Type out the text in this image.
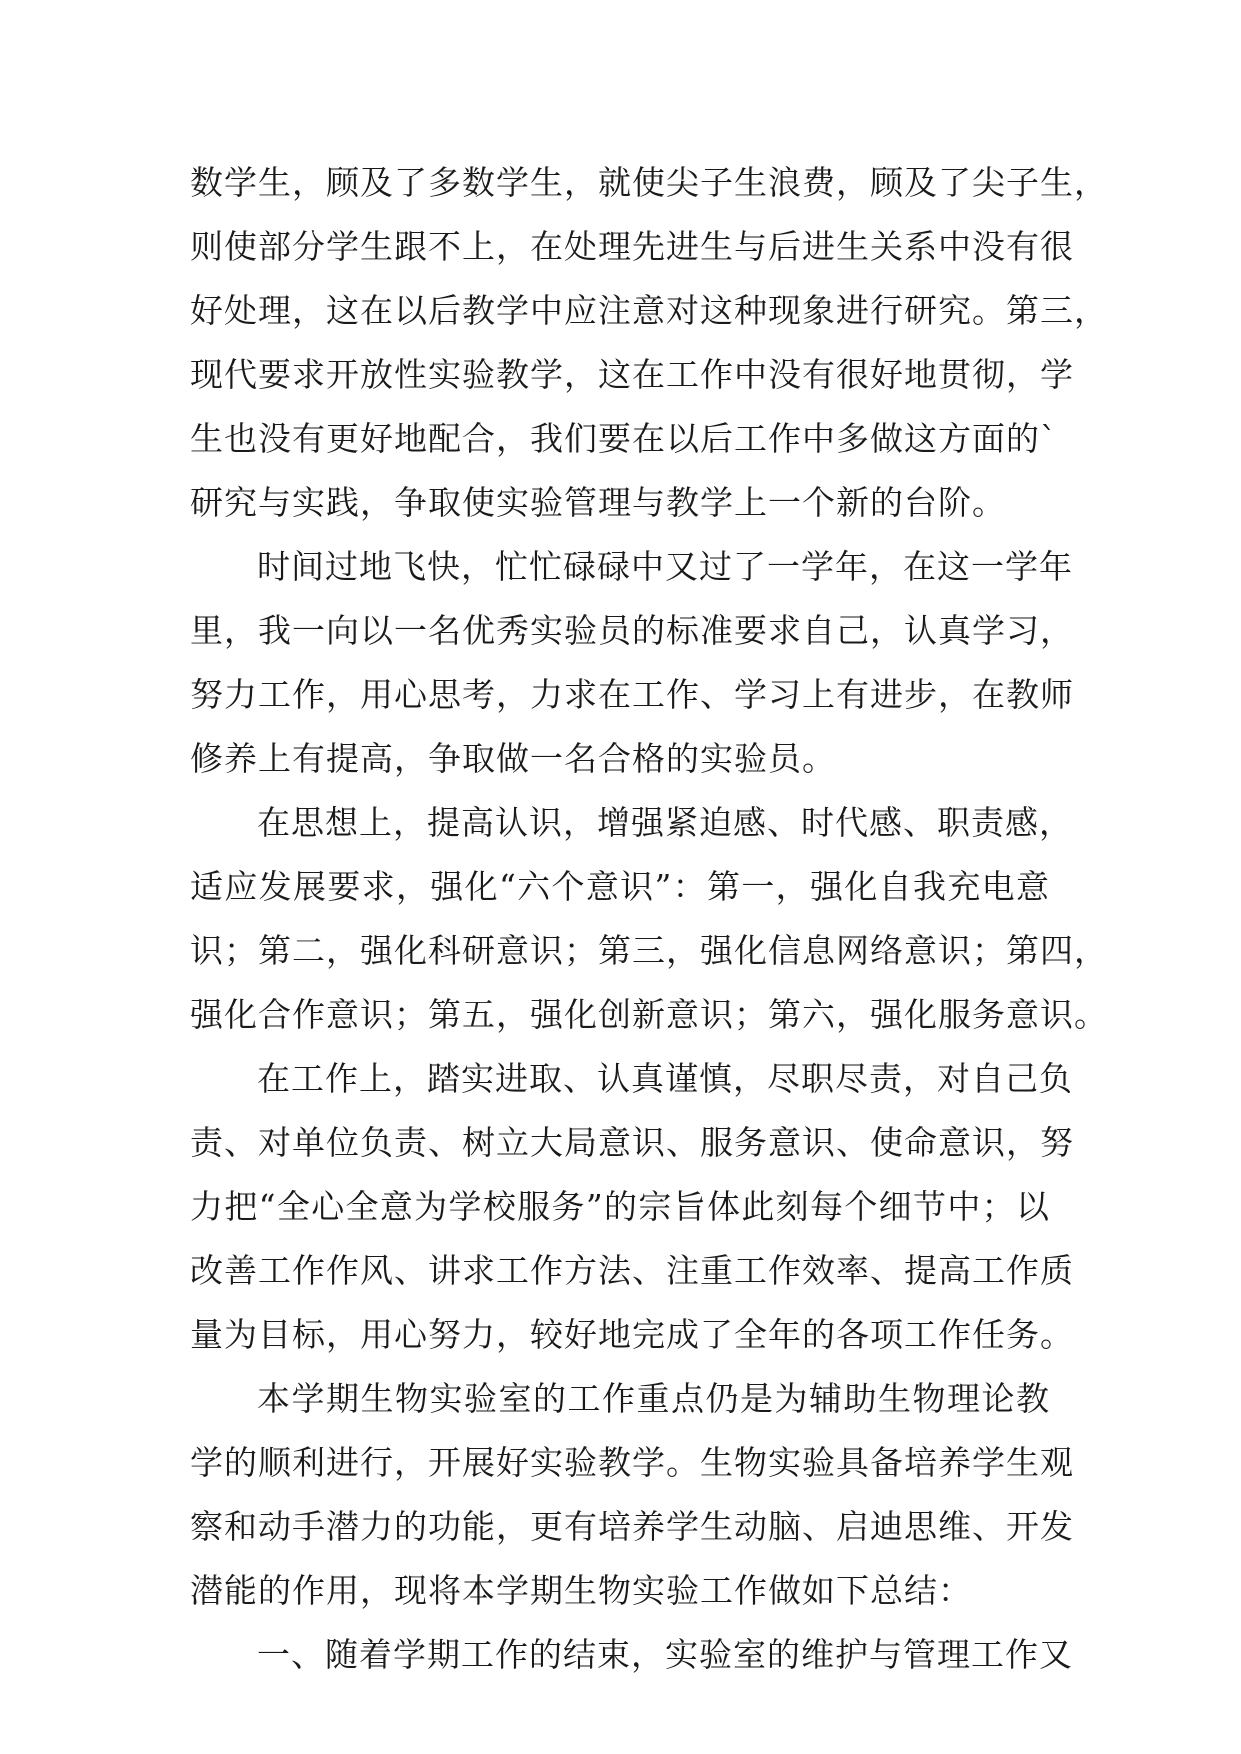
数学生，顾及了多数学生，就使尖子生浪费，顾及了尖子生，
则使部分学生跟不上，在处理先进生与后进生关系中没有很
好处理，这在以后教学中应注意对这种现象进行研究。第三，
现代要求开放性实验教学，这在工作中没有很好地贯彻，学
生也没有更好地配合，我们要在以后工作中多做这方面的`
研究与实践，争取使实验管理与教学上一个新的台阶。
时间过地飞快，忙忙碌碌中又过了一学年，在这一学年
里，我一向以一名优秀实验员的标准要求自己，认真学习，
努力工作，用心思考，力求在工作、学习上有进步，在教师
修养上有提高，争取做一名合格的实验员。
在思想上，提高认识，增强紧迫感、时代感、职责感，
适应发展要求，强化“六个意识”：第一，强化自我充电意
识；第二，强化科研意识；第三，强化信息网络意识；第四，
强化合作意识；第五，强化创新意识；第六，强化服务意识。
在工作上，踏实进取、认真谨慎，尽职尽责，对自己负
责、对单位负责、树立大局意识、服务意识、使命意识，努
力把“全心全意为学校服务”的宗旨体此刻每个细节中；以
改善工作作风、讲求工作方法、注重工作效率、提高工作质
量为目标，用心努力，较好地完成了全年的各项工作任务。
本学期生物实验室的工作重点仍是为辅助生物理论教
学的顺利进行，开展好实验教学。生物实验具备培养学生观
察和动手潜力的功能，更有培养学生动脑、启迪思维、开发
潜能的作用，现将本学期生物实验工作做如下总结：
一、随着学期工作的结束，实验室的维护与管理工作又
